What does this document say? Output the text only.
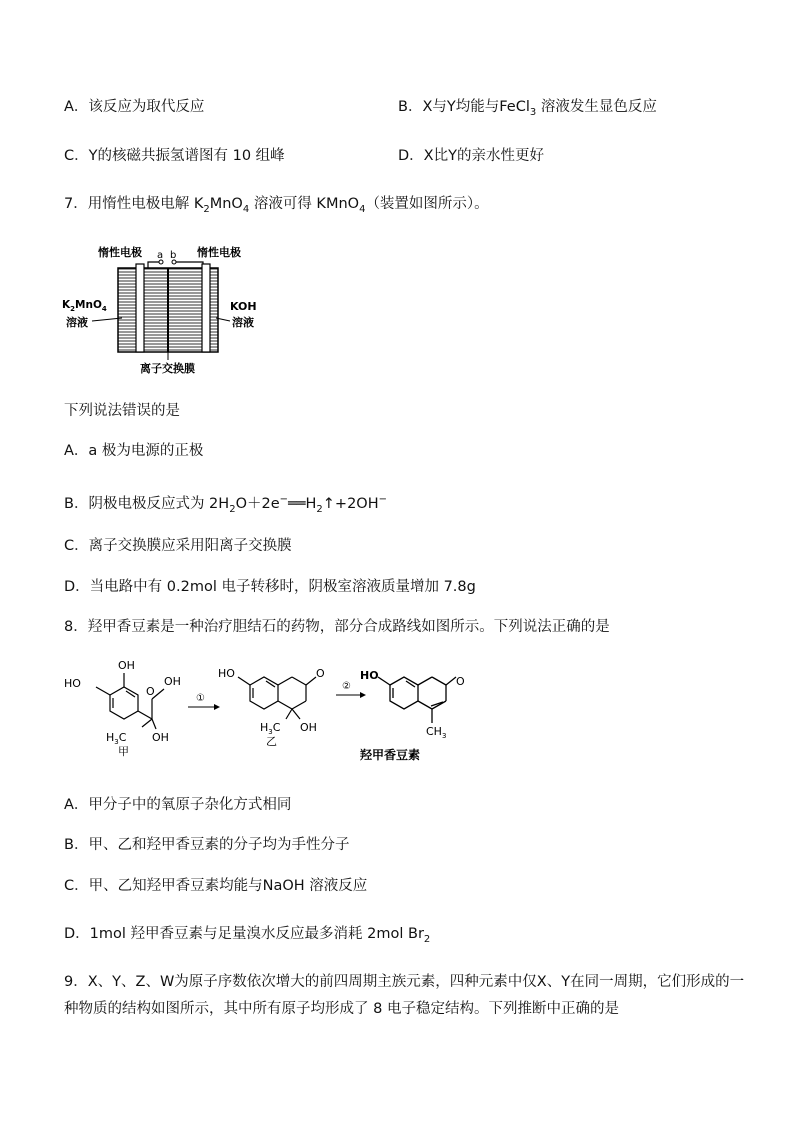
A．该反应为取代反应	B．X与Y均能与FeCl$_3$ 溶液发生显色反应
C．Y的核磁共振氢谱图有 10 组峰	D．X比Y的亲水性更好
7．用惰性电极电解 $K_2MnO_4$ 溶液可得 KMnO$_4$（装置如图所示）。
惰性电极	惰性电极
a b
$K_2MnO_4$
溶液
KOH
溶液
离子交换膜
下列说法错误的是
A．a 极为电源的正极
B．阴极电极反应式为 $2H_2O+2e^-══H_2↑+2OH^-$
C．离子交换膜应采用阳离子交换膜
D．当电路中有 0.2mol 电子转移时，阴极室溶液质量增加 7.8g
8．羟甲香豆素是一种治疗胆结石的药物，部分合成路线如图所示。下列说法正确的是
OH
HO	OH
O
$H_3C$ OH
甲
①
HO	O
$H_3C$ OH
乙
②
HO	O
$CH_3$
羟甲香豆素
A．甲分子中的氧原子杂化方式相同
B．甲、乙和羟甲香豆素的分子均为手性分子
C．甲、乙知羟甲香豆素均能与NaOH 溶液反应
D．1mol 羟甲香豆素与足量溴水反应最多消耗 2mol $Br_2$
9．X、Y、Z、W为原子序数依次增大的前四周期主族元素，四种元素中仅X、Y在同一周期，它们形成的一
种物质的结构如图所示，其中所有原子均形成了 8 电子稳定结构。下列推断中正确的是
